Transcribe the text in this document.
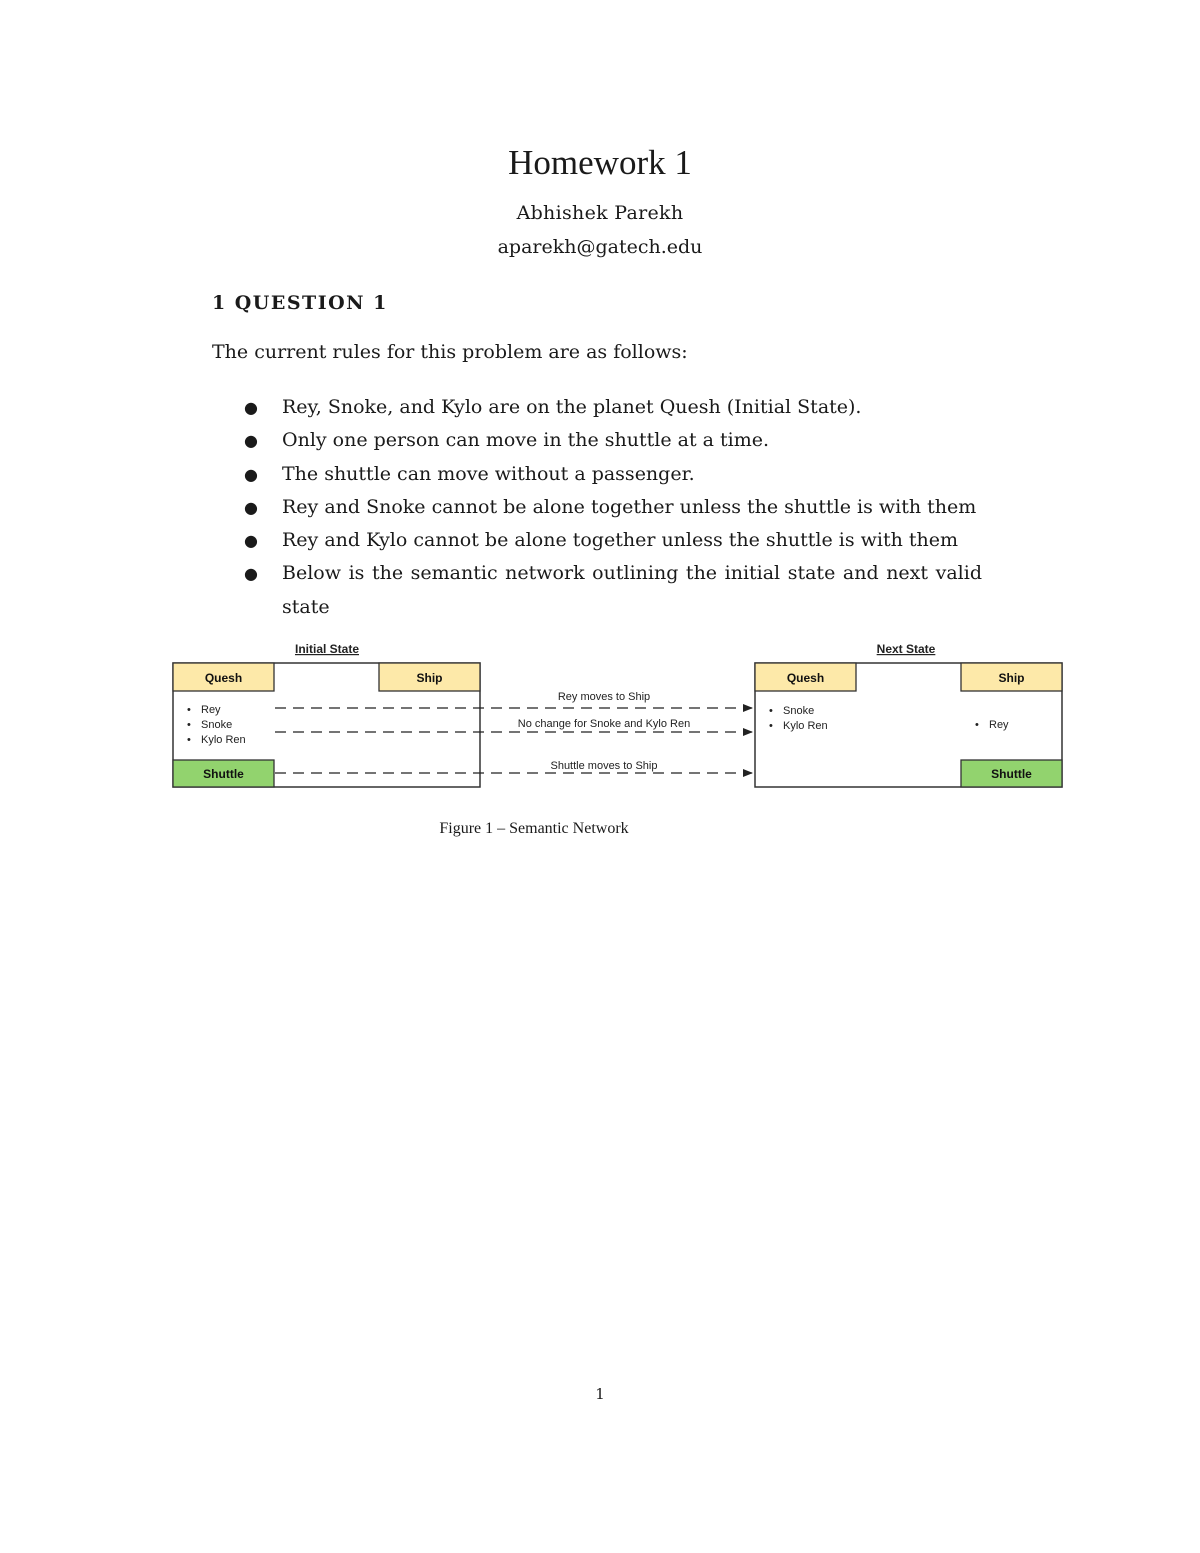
Homework 1
Abhishek Parekh
aparekh@gatech.edu
1 QUESTION 1
The current rules for this problem are as follows:
● Rey, Snoke, and Kylo are on the planet Quesh (Initial State).
● Only one person can move in the shuttle at a time.
● The shuttle can move without a passenger.
● Rey and Snoke cannot be alone together unless the shuttle is with them
● Rey and Kylo cannot be alone together unless the shuttle is with them
● Below is the semantic network outlining the initial state and next valid state
Initial State
Quesh	Ship
Shuttle
• Rey
• Snoke
• Kylo Ren
Next State
Quesh	Ship
Shuttle
• Snoke
• Kylo Ren	• Rey
Rey moves to Ship
No change for Snoke and Kylo Ren
Shuttle moves to Ship
Figure 1 – Semantic Network
1
